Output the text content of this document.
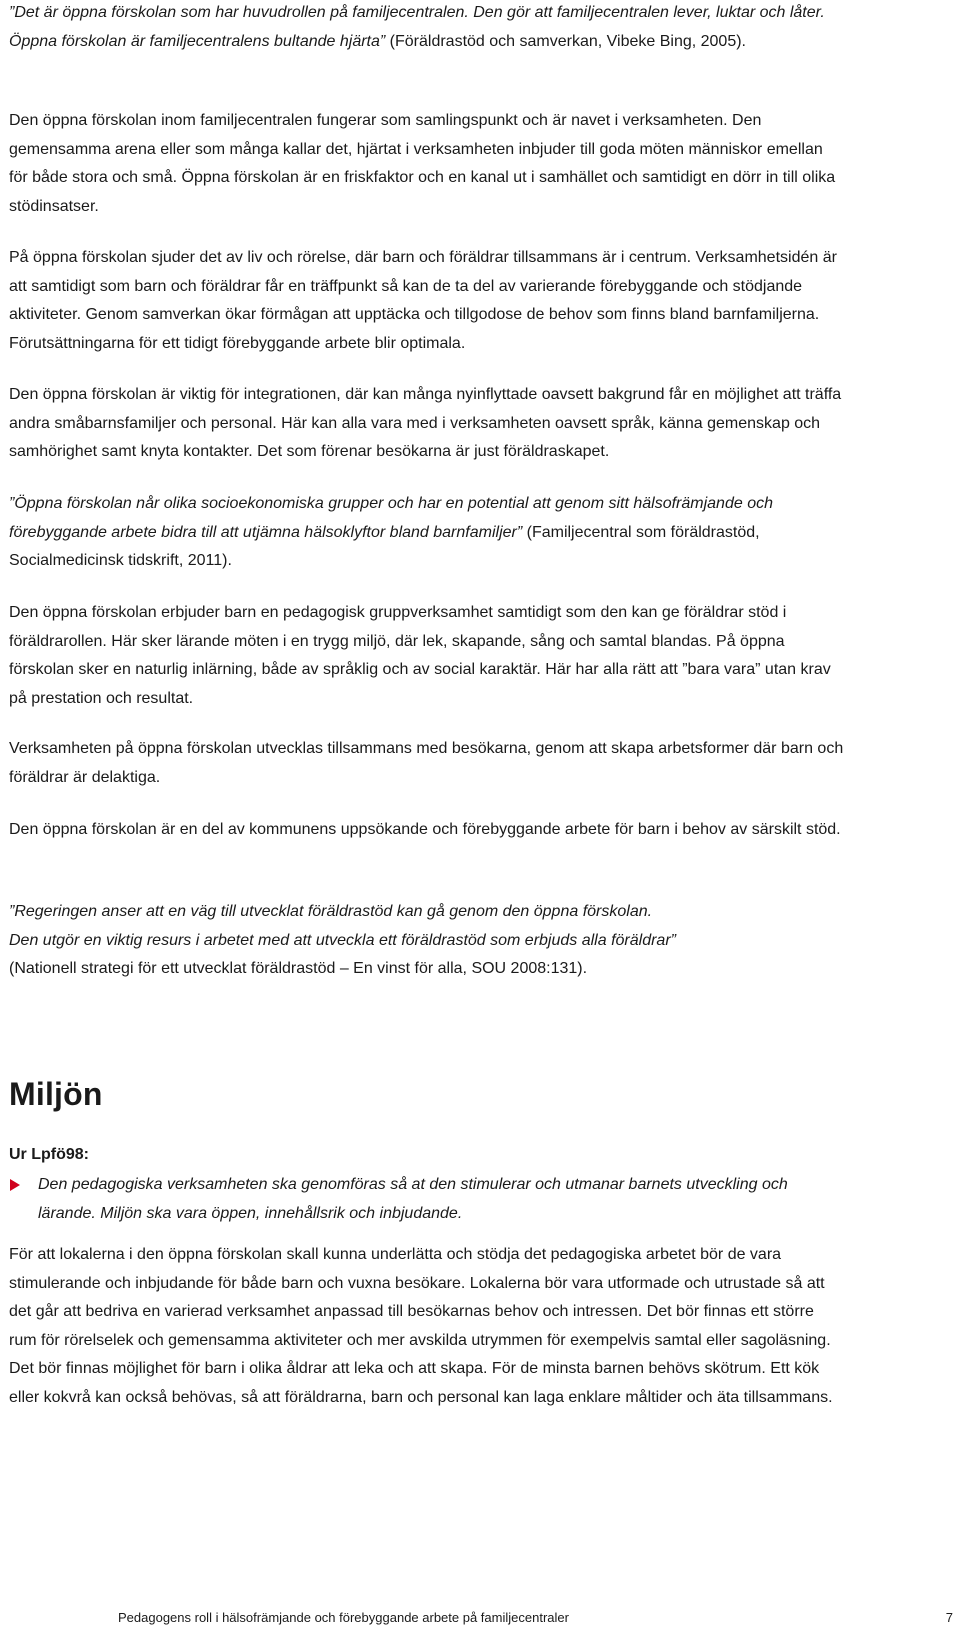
”Det är öppna förskolan som har huvudrollen på familjecentralen. Den gör att familjecentralen lever, luktar och låter. Öppna förskolan är familjecentralens bultande hjärta” (Föräldrastöd och samverkan, Vibeke Bing, 2005).

Den öppna förskolan inom familjecentralen fungerar som samlingspunkt och är navet i verksamheten. Den gemensamma arena eller som många kallar det, hjärtat i verksamheten inbjuder till goda möten människor emellan för både stora och små. Öppna förskolan är en friskfaktor och en kanal ut i samhället och samtidigt en dörr in till olika stödinsatser.

På öppna förskolan sjuder det av liv och rörelse, där barn och föräldrar tillsammans är i centrum. Verksamhetsidén är att samtidigt som barn och föräldrar får en träffpunkt så kan de ta del av varierande förebyggande och stödjande aktiviteter. Genom samverkan ökar förmågan att upptäcka och tillgodose de behov som finns bland barnfamiljerna. Förutsättningarna för ett tidigt förebyggande arbete blir optimala.

Den öppna förskolan är viktig för integrationen, där kan många nyinflyttade oavsett bakgrund får en möjlighet att träffa andra småbarnsfamiljer och personal. Här kan alla vara med i verksamheten oavsett språk, känna gemenskap och samhörighet samt knyta kontakter. Det som förenar besökarna är just föräldraskapet.

”Öppna förskolan når olika socioekonomiska grupper och har en potential att genom sitt hälsofrämjande och förebyggande arbete bidra till att utjämna hälsoklyftor bland barnfamiljer” (Familjecentral som föräldrastöd, Socialmedicinsk tidskrift, 2011).

Den öppna förskolan erbjuder barn en pedagogisk gruppverksamhet samtidigt som den kan ge föräldrar stöd i föräldrarollen. Här sker lärande möten i en trygg miljö, där lek, skapande, sång och samtal blandas. På öppna förskolan sker en naturlig inlärning, både av språklig och av social karaktär. Här har alla rätt att ”bara vara” utan krav på prestation och resultat.

Verksamheten på öppna förskolan utvecklas tillsammans med besökarna, genom att skapa arbetsformer där barn och föräldrar är delaktiga.

Den öppna förskolan är en del av kommunens uppsökande och förebyggande arbete för barn i behov av särskilt stöd.

”Regeringen anser att en väg till utvecklat föräldrastöd kan gå genom den öppna förskolan.
Den utgör en viktig resurs i arbetet med att utveckla ett föräldrastöd som erbjuds alla föräldrar”
(Nationell strategi för ett utvecklat föräldrastöd – En vinst för alla, SOU 2008:131).

Miljön
Ur Lpfö98:

Den pedagogiska verksamheten ska genomföras så at den stimulerar och utmanar barnets utveckling och lärande. Miljön ska vara öppen, innehållsrik och inbjudande.

För att lokalerna i den öppna förskolan skall kunna underlätta och stödja det pedagogiska arbetet bör de vara stimulerande och inbjudande för både barn och vuxna besökare. Lokalerna bör vara utformade och utrustade så att det går att bedriva en varierad verksamhet anpassad till besökarnas behov och intressen. Det bör finnas ett större rum för rörelselek och gemensamma aktiviteter och mer avskilda utrymmen för exempelvis samtal eller sagoläsning. Det bör finnas möjlighet för barn i olika åldrar att leka och att skapa. För de minsta barnen behövs skötrum. Ett kök eller kokvrå kan också behövas, så att föräldrarna, barn och personal kan laga enklare måltider och äta tillsammans.

Pedagogens roll i hälsofrämjande och förebyggande arbete på familjecentraler	7
